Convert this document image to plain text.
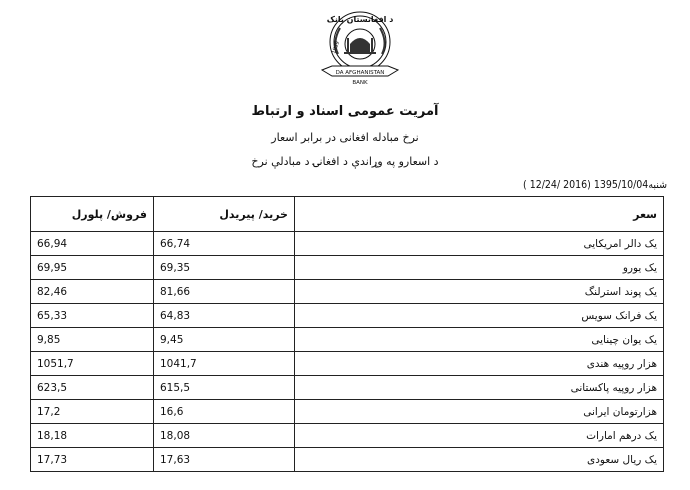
د افغانستان بانک
1939
DA AFGHANISTAN
BANK
آمریت عمومی اسناد و ارتباط
نرخ مبادله افغانی در برابر اسعار
د اسعارو په وړاندې د افغانۍ د مبادلې نرخ
شنبه1395/10/04 (2016 /12/24 )
فروش/ پلورل	خرید/ پیریدل	سعر
66,94	66,74	یک دالر امریکایی
69,95	69,35	یک یورو
82,46	81,66	یک پوند استرلنگ
65,33	64,83	یک فرانک سویس
9,85	9,45	یک یوان چینایی
1051,7	1041,7	هزار روپیه هندی
623,5	615,5	هزار روپیه پاکستانی
17,2	16,6	هزارتومان ایرانی
18,18	18,08	یک درهم امارات
17,73	17,63	یک ریال سعودی
